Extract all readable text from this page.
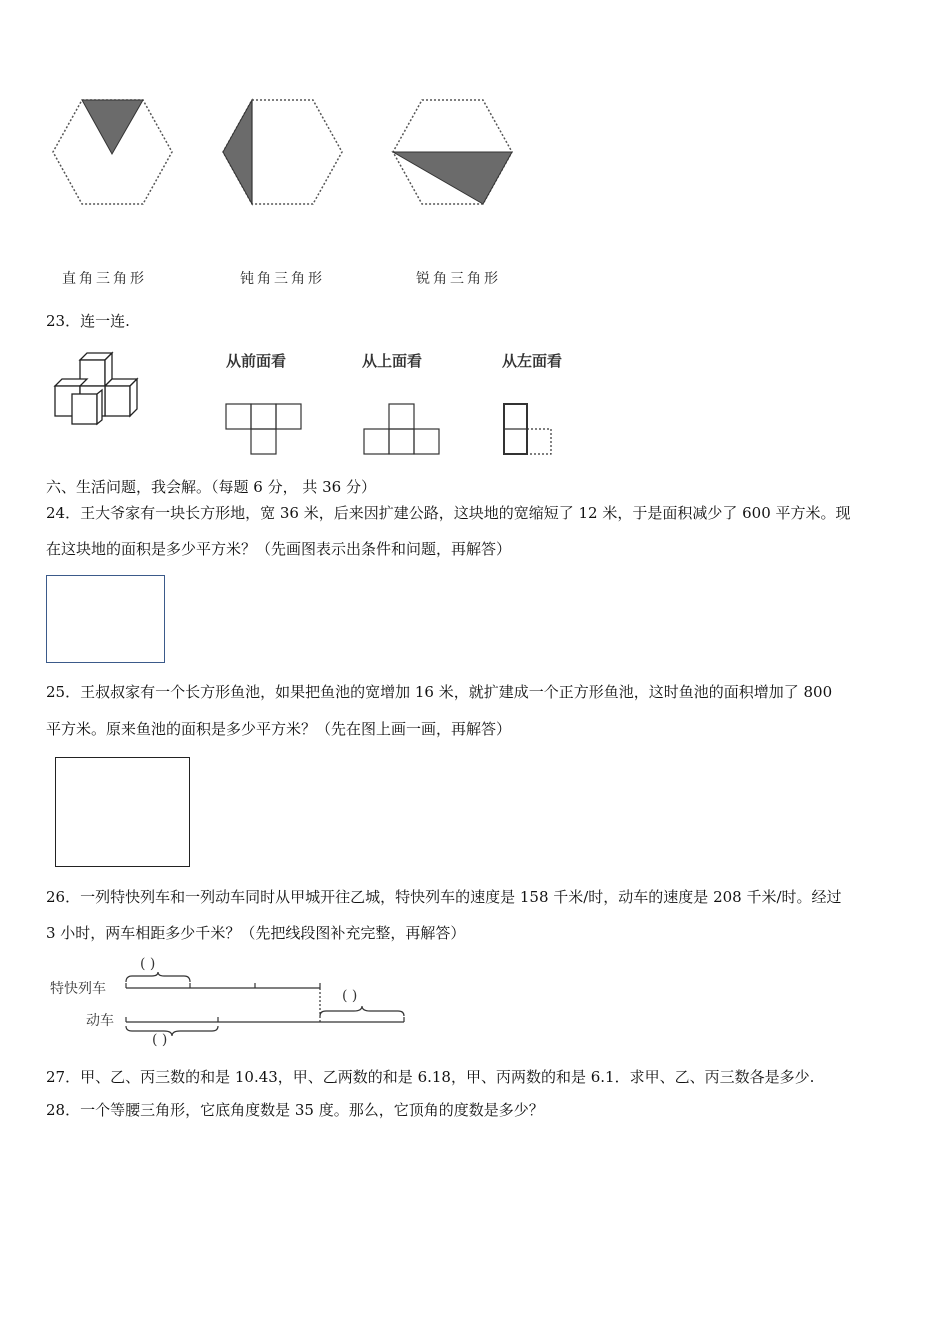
直角三角形	钝角三角形	锐角三角形
23．连一连.
从前面看	从上面看	从左面看
六、生活问题，我会解。（每题 6 分， 共 36 分）
24．王大爷家有一块长方形地，宽 36 米，后来因扩建公路，这块地的宽缩短了 12 米，于是面积减少了 600 平方米。现
在这块地的面积是多少平方米？（先画图表示出条件和问题，再解答）
25．王叔叔家有一个长方形鱼池，如果把鱼池的宽增加 16 米，就扩建成一个正方形鱼池，这时鱼池的面积增加了 800
平方米。原来鱼池的面积是多少平方米？（先在图上画一画，再解答）
26．一列特快列车和一列动车同时从甲城开往乙城，特快列车的速度是 158 千米/时，动车的速度是 208 千米/时。经过
3 小时，两车相距多少千米？（先把线段图补充完整，再解答）
特快列车
动车
( )
( )
( )
27．甲、乙、丙三数的和是 10.43，甲、乙两数的和是 6.18，甲、丙两数的和是 6.1．求甲、乙、丙三数各是多少.
28．一个等腰三角形，它底角度数是 35 度。那么，它顶角的度数是多少？
